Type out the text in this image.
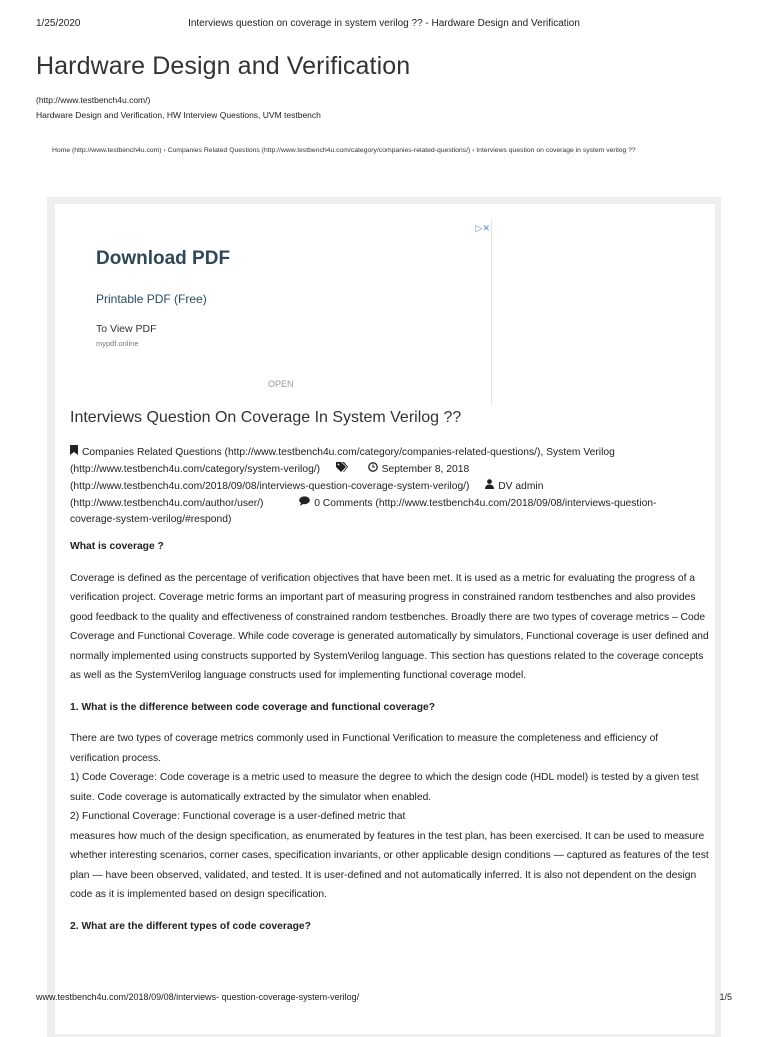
1/25/2020	Interviews question on coverage in system verilog ?? - Hardware Design and Verification
Hardware Design and Verification
(http://www.testbench4u.com/)
Hardware Design and Verification, HW Interview Questions, UVM testbench
Home (http://www.testbench4u.com) › Companies Related Questions (http://www.testbench4u.com/category/companies-related-questions/) › Interviews question on coverage in system verilog ??
▷✕
Download PDF
Printable PDF (Free)
To View PDF
mypdf.online
OPEN
Interviews Question On Coverage In System Verilog ??
Companies Related Questions (http://www.testbench4u.com/category/companies-related-questions/), System Verilog
(http://www.testbench4u.com/category/system-verilog/)	September 8, 2018
(http://www.testbench4u.com/2018/09/08/interviews-question-coverage-system-verilog/)	DV admin
(http://www.testbench4u.com/author/user/)	0 Comments (http://www.testbench4u.com/2018/09/08/interviews-question-
coverage-system-verilog/#respond)
What is coverage ?

Coverage is defined as the percentage of verification objectives that have been met. It is used as a metric for evaluating the progress of a verification project. Coverage metric forms an important part of measuring progress in constrained random testbenches and also provides good feedback to the quality and effectiveness of constrained random testbenches. Broadly there are two types of coverage metrics – Code Coverage and Functional Coverage. While code coverage is generated automatically by simulators, Functional coverage is user defined and normally implemented using constructs supported by SystemVerilog language. This section has questions related to the coverage concepts as well as the SystemVerilog language constructs used for implementing functional coverage model.

1. What is the difference between code coverage and functional coverage?

There are two types of coverage metrics commonly used in Functional Verification to measure the completeness and efficiency of verification process.

1) Code Coverage: Code coverage is a metric used to measure the degree to which the design code (HDL model) is tested by a given test suite. Code coverage is automatically extracted by the simulator when enabled.

2) Functional Coverage: Functional coverage is a user-defined metric that

measures how much of the design specification, as enumerated by features in the test plan, has been exercised. It can be used to measure whether interesting scenarios, corner cases, specification invariants, or other applicable design conditions — captured as features of the test plan — have been observed, validated, and tested. It is user-defined and not automatically inferred. It is also not dependent on the design code as it is implemented based on design specification.

2. What are the different types of code coverage?
www.testbench4u.com/2018/09/08/interviews- question-coverage-system-verilog/	1/5
